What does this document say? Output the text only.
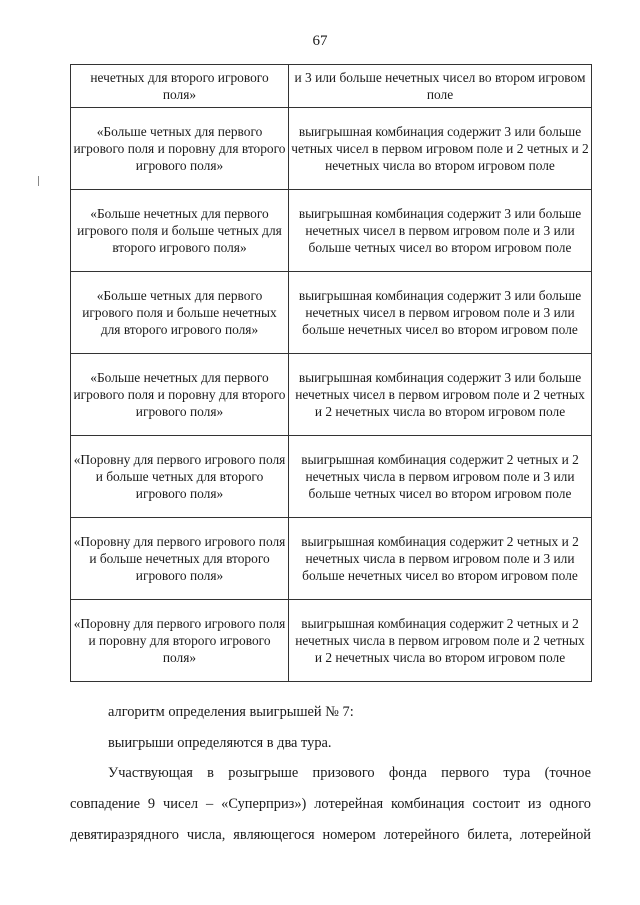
67
нечетных для второго игрового поля»	и 3 или больше нечетных чисел во втором игровом поле
«Больше четных для первого игрового поля и поровну для второго игрового поля»	выигрышная комбинация содержит 3 или больше четных чисел в первом игровом поле и 2 четных и 2 нечетных числа во втором игровом поле
«Больше нечетных для первого игрового поля и больше четных для второго игрового поля»	выигрышная комбинация содержит 3 или больше нечетных чисел в первом игровом поле и 3 или больше четных чисел во втором игровом поле
«Больше четных для первого игрового поля и больше нечетных для второго игрового поля»	выигрышная комбинация содержит 3 или больше нечетных чисел в первом игровом поле и 3 или больше нечетных чисел во втором игровом поле
«Больше нечетных для первого игрового поля и поровну для второго игрового поля»	выигрышная комбинация содержит 3 или больше нечетных чисел в первом игровом поле и 2 четных и 2 нечетных числа во втором игровом поле
«Поровну для первого игрового поля и больше четных для второго игрового поля»	выигрышная комбинация содержит 2 четных и 2 нечетных числа в первом игровом поле и 3 или больше четных чисел во втором игровом поле
«Поровну для первого игрового поля и больше нечетных для второго игрового поля»	выигрышная комбинация содержит 2 четных и 2 нечетных числа в первом игровом поле и 3 или больше нечетных чисел во втором игровом поле
«Поровну для первого игрового поля и поровну для второго игрового поля»	выигрышная комбинация содержит 2 четных и 2 нечетных числа в первом игровом поле и 2 четных и 2 нечетных числа во втором игровом поле
алгоритм определения выигрышей № 7:
выигрыши определяются в два тура.
Участвующая в розыгрыше призового фонда первого тура (точное
совпадение 9 чисел – «Суперприз») лотерейная комбинация состоит из одного
девятиразрядного числа, являющегося номером лотерейного билета, лотерейной
